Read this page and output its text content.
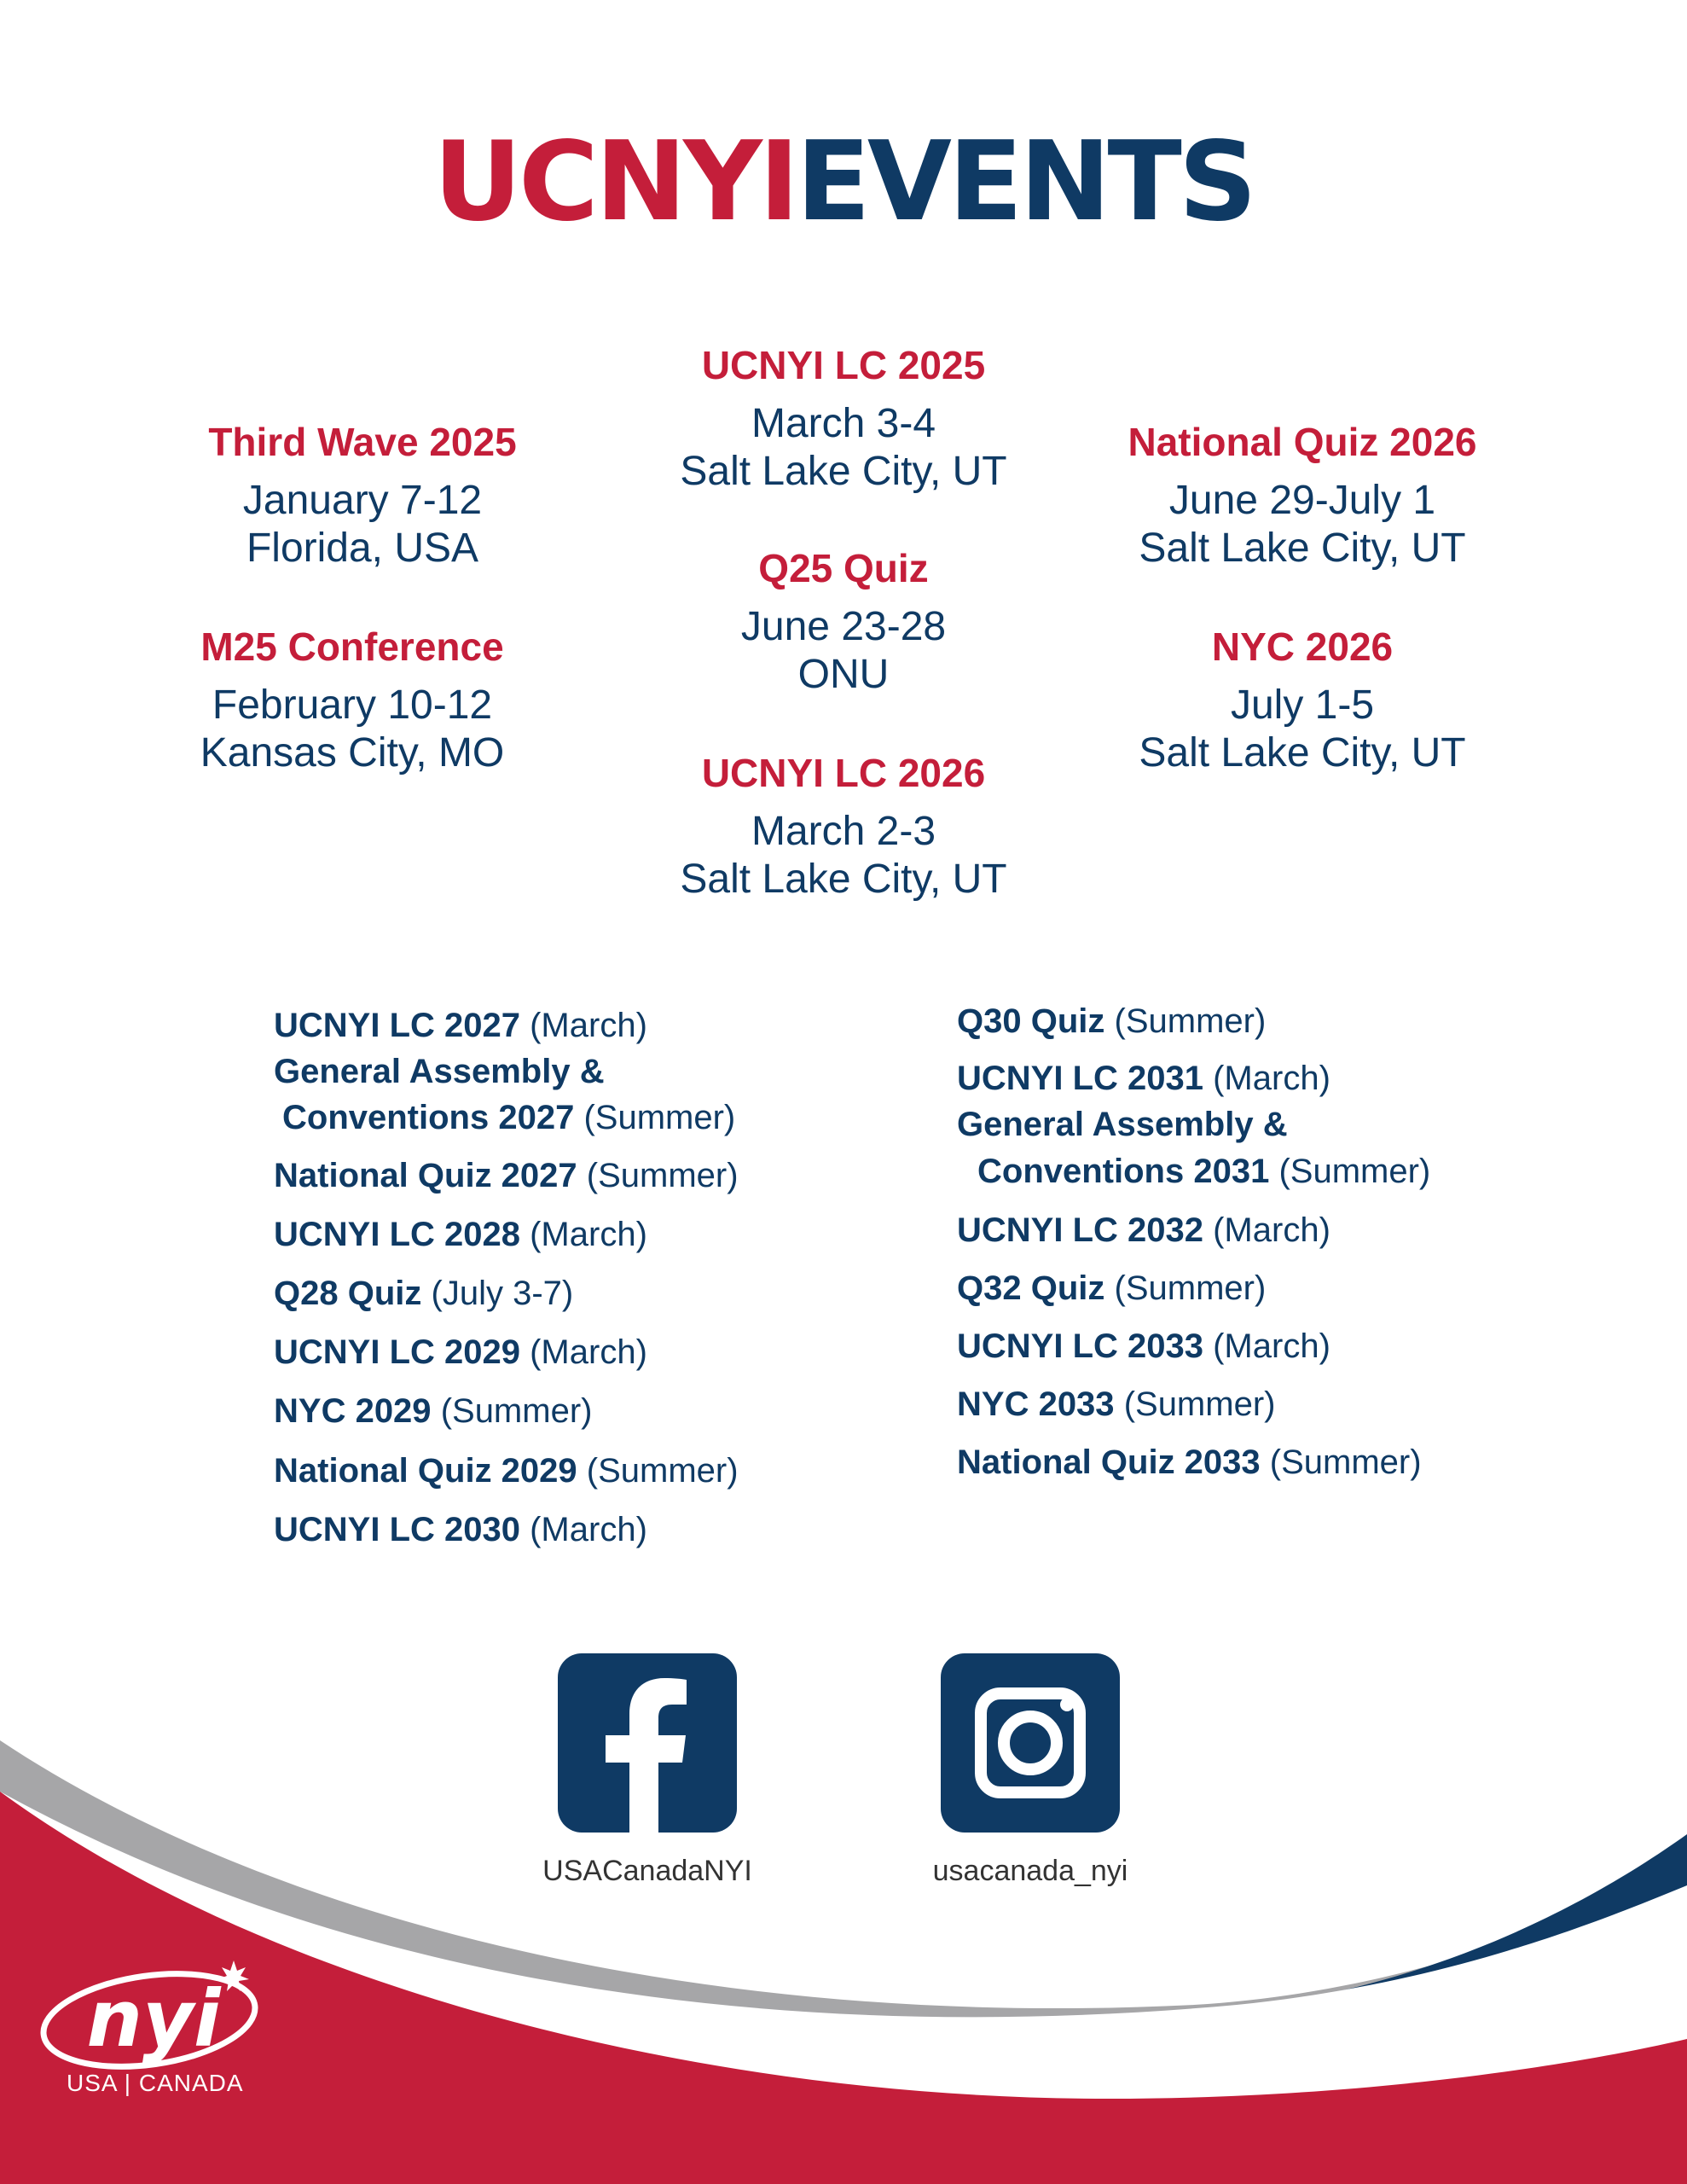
UCNYIEVENTS
Third Wave 2025
January 7-12
Florida, USA
M25 Conference
February 10-12
Kansas City, MO
UCNYI LC 2025
March 3-4
Salt Lake City, UT
Q25 Quiz
June 23-28
ONU
UCNYI LC 2026
March 2-3
Salt Lake City, UT
National Quiz 2026
June 29-July 1
Salt Lake City, UT
NYC 2026
July 1-5
Salt Lake City, UT
UCNYI LC 2027 (March)
General Assembly &
Conventions 2027 (Summer)
National Quiz 2027 (Summer)
UCNYI LC 2028 (March)
Q28 Quiz (July 3-7)
UCNYI LC 2029 (March)
NYC 2029 (Summer)
National Quiz 2029 (Summer)
UCNYI LC 2030 (March)
Q30 Quiz (Summer)
UCNYI LC 2031 (March)
General Assembly &
Conventions 2031 (Summer)
UCNYI LC 2032 (March)
Q32 Quiz (Summer)
UCNYI LC 2033 (March)
NYC 2033 (Summer)
National Quiz 2033 (Summer)
USACanadaNYI	usacanada_nyi
nyi
USA | CANADA
